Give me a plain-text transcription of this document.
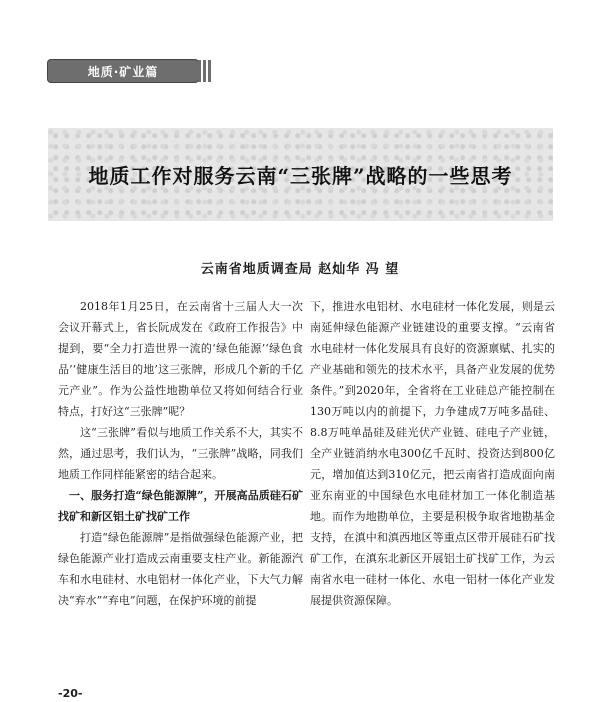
地质·矿业篇
地质工作对服务云南“三张牌”战略的一些思考
云南省地质调查局 赵灿华 冯 望

2018年1月25日，在云南省十三届人大一次会议开幕式上，省长阮成发在《政府工作报告》中提到，要“全力打造世界一流的‘绿色能源’‘绿色食品’‘健康生活目的地’这三张牌，形成几个新的千亿元产业”。作为公益性地勘单位又将如何结合行业特点，打好这“三张牌”呢？

这“三张牌”看似与地质工作关系不大，其实不然，通过思考，我们认为，“三张牌”战略，同我们地质工作同样能紧密的结合起来。

一、服务打造“绿色能源牌”，开展高品质硅石矿找矿和新区铝土矿找矿工作

打造“绿色能源牌”是指做强绿色能源产业，把绿色能源产业打造成云南重要支柱产业。新能源汽车和水电硅材、水电铝材一体化产业，下大气力解决“弃水”“弃电”问题，在保护环境的前提

下，推进水电铝材、水电硅材一体化发展，则是云南延伸绿色能源产业链建设的重要支撑。“云南省水电硅材一体化发展具有良好的资源禀赋、扎实的产业基础和领先的技术水平，具备产业发展的优势条件。”到2020年，全省将在工业硅总产能控制在130万吨以内的前提下，力争建成7万吨多晶硅、8.8万吨单晶硅及硅光伏产业链、硅电子产业链，全产业链消纳水电300亿千瓦时、投资达到800亿元，增加值达到310亿元，把云南省打造成面向南亚东南亚的中国绿色水电硅材加工一体化制造基地。而作为地勘单位，主要是积极争取省地勘基金支持，在滇中和滇西地区等重点区带开展硅石矿找矿工作，在滇东北新区开展铝土矿找矿工作，为云南省水电一硅材一体化、水电一铝材一体化产业发展提供资源保障。

-20-
